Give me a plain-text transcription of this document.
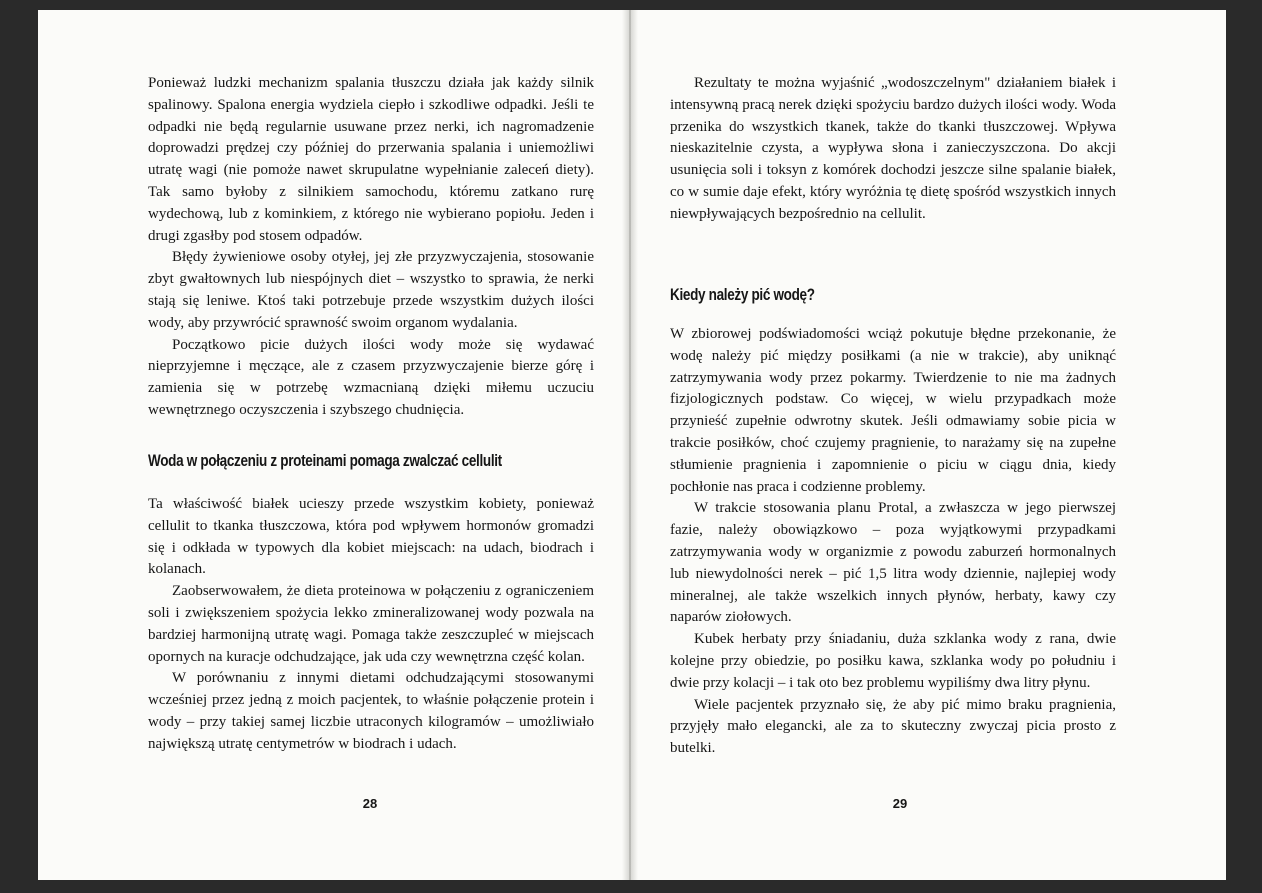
Ponieważ ludzki mechanizm spalania tłuszczu działa jak każdy silnik spalinowy. Spalona energia wydziela ciepło i szkodliwe odpadki. Jeśli te odpadki nie będą regularnie usuwane przez nerki, ich nagromadzenie doprowadzi prędzej czy później do przerwania spalania i uniemożliwi utratę wagi (nie pomoże nawet skrupulatne wypełnianie zaleceń diety). Tak samo byłoby z silnikiem samochodu, któremu zatkano rurę wydechową, lub z kominkiem, z którego nie wybierano popiołu. Jeden i drugi zgasłby pod stosem odpadów.

Błędy żywieniowe osoby otyłej, jej złe przyzwyczajenia, stosowanie zbyt gwałtownych lub niespójnych diet – wszystko to sprawia, że nerki stają się leniwe. Ktoś taki potrzebuje przede wszystkim dużych ilości wody, aby przywrócić sprawność swoim organom wydalania.

Początkowo picie dużych ilości wody może się wydawać nieprzyjemne i męczące, ale z czasem przyzwyczajenie bierze górę i zamienia się w potrzebę wzmacnianą dzięki miłemu uczuciu wewnętrznego oczyszczenia i szybszego chudnięcia.

Woda w połączeniu z proteinami pomaga zwalczać cellulit

Ta właściwość białek ucieszy przede wszystkim kobiety, ponieważ cellulit to tkanka tłuszczowa, która pod wpływem hormonów gromadzi się i odkłada w typowych dla kobiet miejscach: na udach, biodrach i kolanach.

Zaobserwowałem, że dieta proteinowa w połączeniu z ograniczeniem soli i zwiększeniem spożycia lekko zmineralizowanej wody pozwala na bardziej harmonijną utratę wagi. Pomaga także zeszczuplеć w miejscach opornych na kuracje odchudzające, jak uda czy wewnętrzna część kolan.

W porównaniu z innymi dietami odchudzającymi stosowanymi wcześniej przez jedną z moich pacjentek, to właśnie połączenie protein i wody – przy takiej samej liczbie utraconych kilogramów – umożliwiało największą utratę centymetrów w biodrach i udach.

28

Rezultaty te można wyjaśnić „wodoszczelnym" działaniem białek i intensywną pracą nerek dzięki spożyciu bardzo dużych ilości wody. Woda przenika do wszystkich tkanek, także do tkanki tłuszczowej. Wpływa nieskazitelnie czysta, a wypływa słona i zanieczyszczona. Do akcji usunięcia soli i toksyn z komórek dochodzi jeszcze silne spalanie białek, co w sumie daje efekt, który wyróżnia tę dietę spośród wszystkich innych niewpływających bezpośrednio na cellulit.

Kiedy należy pić wodę?

W zbiorowej podświadomości wciąż pokutuje błędne przekonanie, że wodę należy pić między posiłkami (a nie w trakcie), aby uniknąć zatrzymywania wody przez pokarmy. Twierdzenie to nie ma żadnych fizjologicznych podstaw. Co więcej, w wielu przypadkach może przynieść zupełnie odwrotny skutek. Jeśli odmawiamy sobie picia w trakcie posiłków, choć czujemy pragnienie, to narażamy się na zupełne stłumienie pragnienia i zapomnienie o piciu w ciągu dnia, kiedy pochłonie nas praca i codzienne problemy.

W trakcie stosowania planu Protal, a zwłaszcza w jego pierwszej fazie, należy obowiązkowo – poza wyjątkowymi przypadkami zatrzymywania wody w organizmie z powodu zaburzeń hormonalnych lub niewydolności nerek – pić 1,5 litra wody dziennie, najlepiej wody mineralnej, ale także wszelkich innych płynów, herbaty, kawy czy naparów ziołowych.

Kubek herbaty przy śniadaniu, duża szklanka wody z rana, dwie kolejne przy obiedzie, po posiłku kawa, szklanka wody po południu i dwie przy kolacji – i tak oto bez problemu wypiliśmy dwa litry płynu.

Wiele pacjentek przyznało się, że aby pić mimo braku pragnienia, przyjęły mało elegancki, ale za to skuteczny zwyczaj picia prosto z butelki.

29
